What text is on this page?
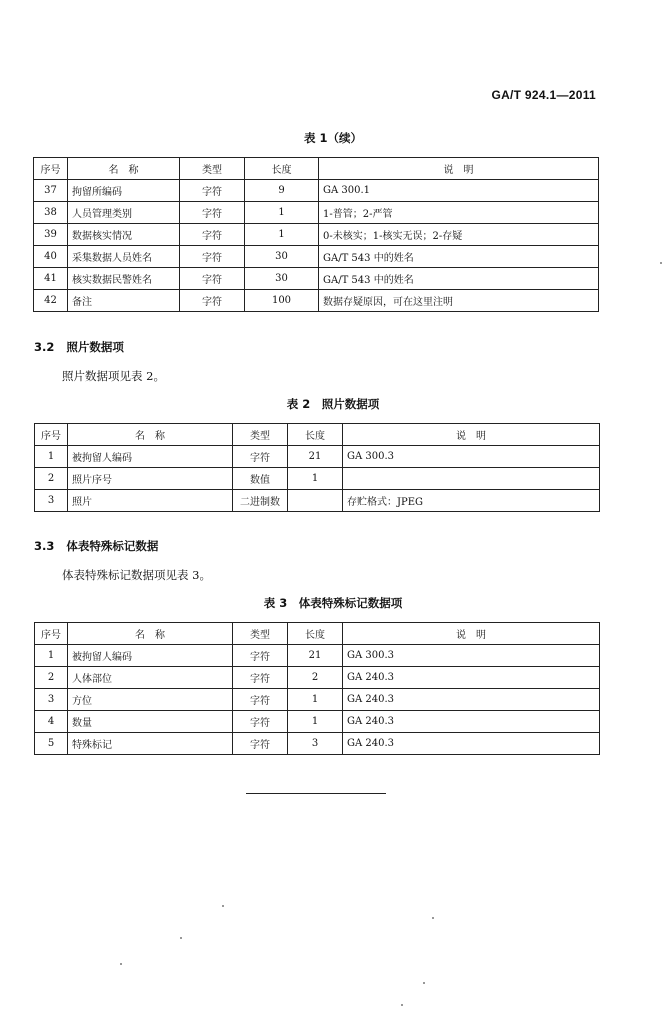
GA/T 924.1—2011
表 1（续）
序号	名　称	类型	长度	说　明
37	拘留所编码	字符	9	GA 300.1
38	人员管理类别	字符	1	1-普管；2-严管
39	数据核实情况	字符	1	0-未核实；1-核实无误；2-存疑
40	采集数据人员姓名	字符	30	GA/T 543 中的姓名
41	核实数据民警姓名	字符	30	GA/T 543 中的姓名
42	备注	字符	100	数据存疑原因，可在这里注明
3.2 照片数据项
照片数据项见表 2。
表 2　照片数据项
序号	名　称	类型	长度	说　明
1	被拘留人编码	字符	21	GA 300.3
2	照片序号	数值	1	
3	照片	二进制数		存贮格式：JPEG
3.3 体表特殊标记数据
体表特殊标记数据项见表 3。
表 3　体表特殊标记数据项
序号	名　称	类型	长度	说　明
1	被拘留人编码	字符	21	GA 300.3
2	人体部位	字符	2	GA 240.3
3	方位	字符	1	GA 240.3
4	数量	字符	1	GA 240.3
5	特殊标记	字符	3	GA 240.3
